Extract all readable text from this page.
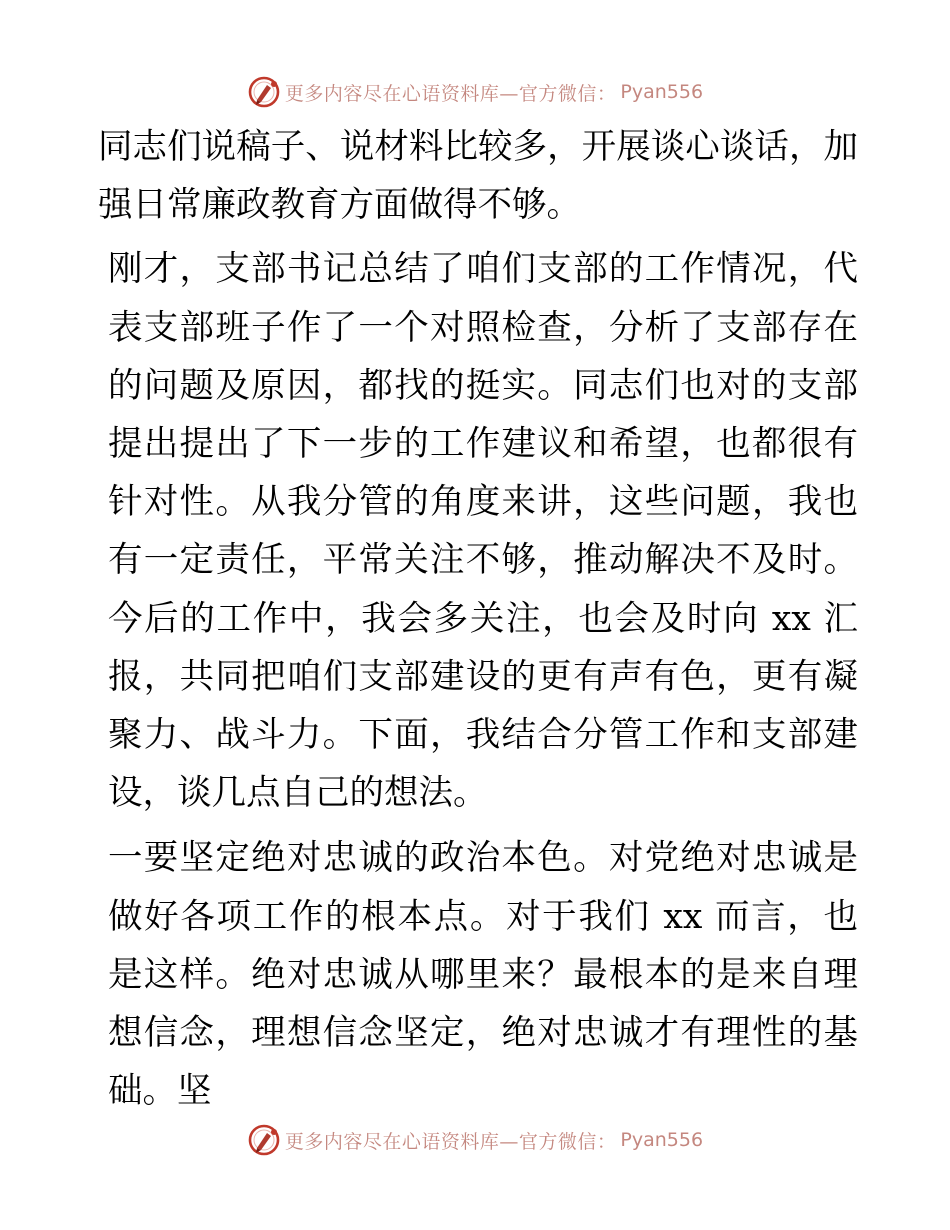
更多内容尽在心语资料库—官方微信： Pyan556

同志们说稿子、说材料比较多，开展谈心谈话，加强日常廉政教育方面做得不够。

刚才，支部书记总结了咱们支部的工作情况，代表支部班子作了一个对照检查，分析了支部存在的问题及原因，都找的挺实。同志们也对的支部提出提出了下一步的工作建议和希望，也都很有针对性。从我分管的角度来讲，这些问题，我也有一定责任，平常关注不够，推动解决不及时。今后的工作中，我会多关注，也会及时向 xx 汇报，共同把咱们支部建设的更有声有色，更有凝聚力、战斗力。下面，我结合分管工作和支部建设，谈几点自己的想法。

一要坚定绝对忠诚的政治本色。对党绝对忠诚是做好各项工作的根本点。对于我们 xx 而言，也是这样。绝对忠诚从哪里来？最根本的是来自理想信念，理想信念坚定，绝对忠诚才有理性的基础。坚

更多内容尽在心语资料库—官方微信： Pyan556
